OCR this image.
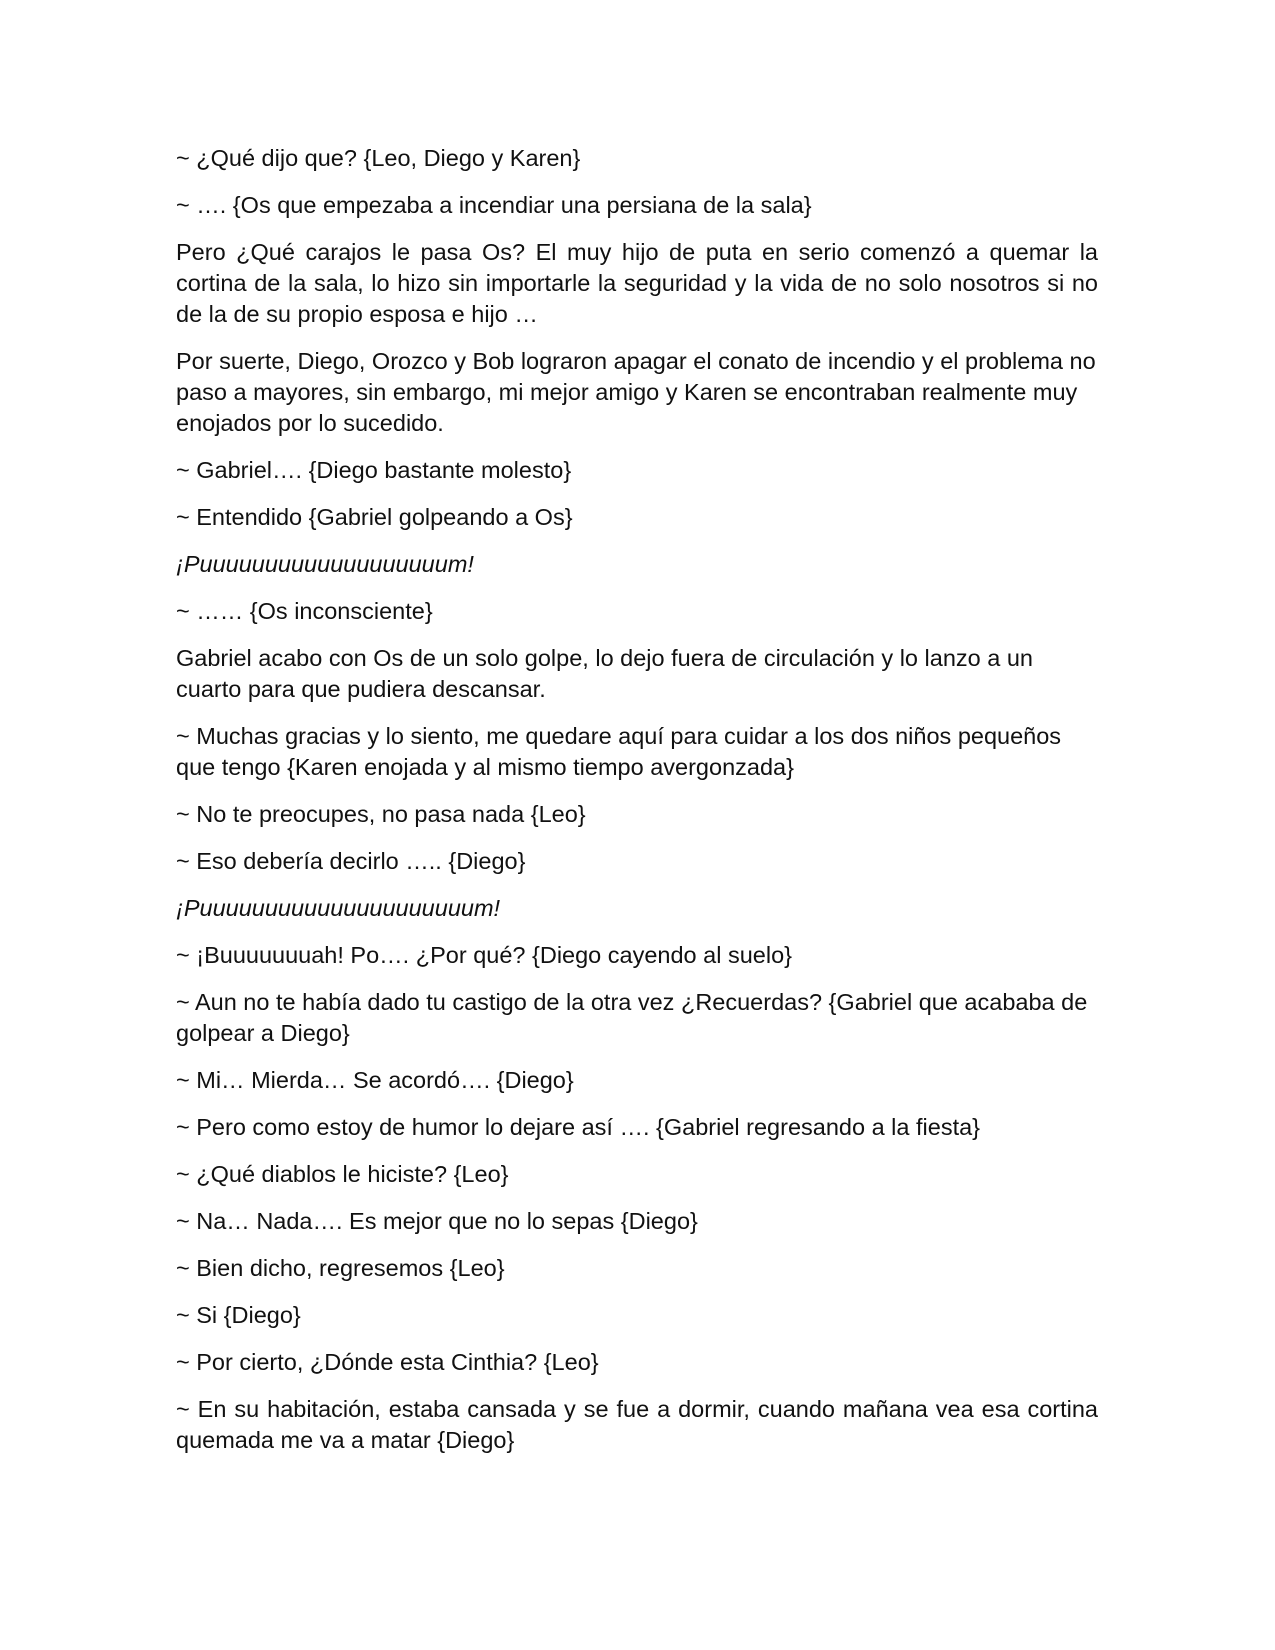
~ ¿Qué dijo que? {Leo, Diego y Karen}

~ …. {Os que empezaba a incendiar una persiana de la sala}

Pero ¿Qué carajos le pasa Os? El muy hijo de puta en serio comenzó a quemar la cortina de la sala, lo hizo sin importarle la seguridad y la vida de no solo nosotros si no de la de su propio esposa e hijo …

Por suerte, Diego, Orozco y Bob lograron apagar el conato de incendio y el problema no paso a mayores, sin embargo, mi mejor amigo y Karen se encontraban realmente muy enojados por lo sucedido.

~ Gabriel…. {Diego bastante molesto}

~ Entendido {Gabriel golpeando a Os}

¡Puuuuuuuuuuuuuuuuuuum!

~ …… {Os inconsciente}

Gabriel acabo con Os de un solo golpe, lo dejo fuera de circulación y lo lanzo a un cuarto para que pudiera descansar.

~ Muchas gracias y lo siento, me quedare aquí para cuidar a los dos niños pequeños que tengo {Karen enojada y al mismo tiempo avergonzada}

~ No te preocupes, no pasa nada {Leo}

~ Eso debería decirlo ….. {Diego}

¡Puuuuuuuuuuuuuuuuuuuuum!

~ ¡Buuuuuuuah! Po…. ¿Por qué? {Diego cayendo al suelo}

~ Aun no te había dado tu castigo de la otra vez ¿Recuerdas? {Gabriel que acababa de golpear a Diego}

~ Mi… Mierda… Se acordó…. {Diego}

~ Pero como estoy de humor lo dejare así …. {Gabriel regresando a la fiesta}

~ ¿Qué diablos le hiciste? {Leo}

~ Na… Nada…. Es mejor que no lo sepas {Diego}

~ Bien dicho, regresemos {Leo}

~ Si {Diego}

~ Por cierto, ¿Dónde esta Cinthia? {Leo}

~ En su habitación, estaba cansada y se fue a dormir, cuando mañana vea esa cortina quemada me va a matar {Diego}
